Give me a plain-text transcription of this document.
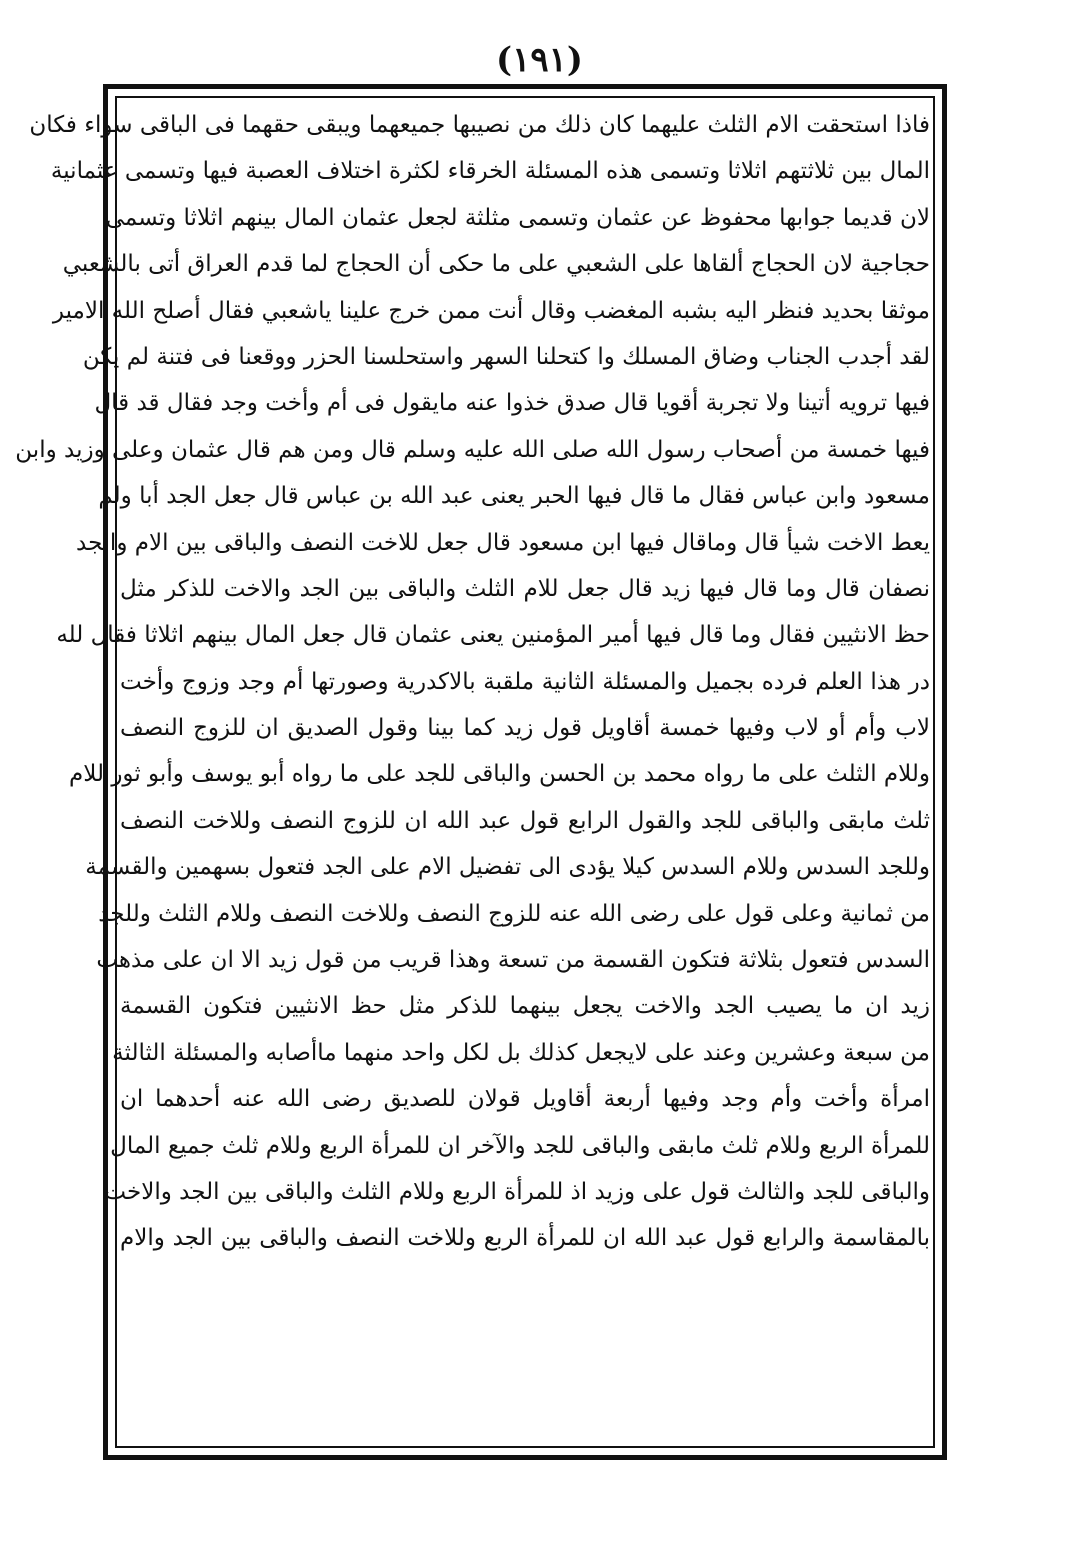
(١٩١)
فاذا استحقت الام الثلث عليهما كان ذلك من نصيبها جميعهما ويبقى حقهما فى الباقى سواء فكان
المال بين ثلاثتهم اثلاثا وتسمى هذه المسئلة الخرقاء لكثرة اختلاف العصبة فيها وتسمى عثمانية
لان قديما جوابها محفوظ عن عثمان وتسمى مثلثة لجعل عثمان المال بينهم اثلاثا وتسمى
حجاجية لان الحجاج ألقاها على الشعبي على ما حكى أن الحجاج لما قدم العراق أتى بالشعبي
موثقا بحديد فنظر اليه بشبه المغضب وقال أنت ممن خرج علينا ياشعبي فقال أصلح الله الامير
لقد أجدب الجناب وضاق المسلك وا كتحلنا السهر واستحلسنا الحزر ووقعنا فى فتنة لم يكن
فيها ترويه أتينا ولا تجربة أقويا قال صدق خذوا عنه مايقول فى أم وأخت وجد فقال قد قال
فيها خمسة من أصحاب رسول الله صلى الله عليه وسلم قال ومن هم قال عثمان وعلى وزيد وابن
مسعود وابن عباس فقال ما قال فيها الحبر يعنى عبد الله بن عباس قال جعل الجد أبا ولم
يعط الاخت شيأ قال وماقال فيها ابن مسعود قال جعل للاخت النصف والباقى بين الام والجد
نصفان قال وما قال فيها زيد قال جعل للام الثلث والباقى بين الجد والاخت للذكر مثل
حظ الانثيين فقال وما قال فيها أمير المؤمنين يعنى عثمان قال جعل المال بينهم اثلاثا فقال لله
در هذا العلم فرده بجميل والمسئلة الثانية ملقبة بالاكدرية وصورتها أم وجد وزوج وأخت
لاب وأم أو لاب وفيها خمسة أقاويل قول زيد كما بينا وقول الصديق ان للزوج النصف
وللام الثلث على ما رواه محمد بن الحسن والباقى للجد على ما رواه أبو يوسف وأبو ثور للام
ثلث مابقى والباقى للجد والقول الرابع قول عبد الله ان للزوج النصف وللاخت النصف
وللجد السدس وللام السدس كيلا يؤدى الى تفضيل الام على الجد فتعول بسهمين والقسمة
من ثمانية وعلى قول على رضى الله عنه للزوج النصف وللاخت النصف وللام الثلث وللجد
السدس فتعول بثلاثة فتكون القسمة من تسعة وهذا قريب من قول زيد الا ان على مذهب
زيد ان ما يصيب الجد والاخت يجعل بينهما للذكر مثل حظ الانثيين فتكون القسمة
من سبعة وعشرين وعند على لايجعل كذلك بل لكل واحد منهما ماأصابه والمسئلة الثالثة
امرأة وأخت وأم وجد وفيها أربعة أقاويل قولان للصديق رضى الله عنه أحدهما ان
للمرأة الربع وللام ثلث مابقى والباقى للجد والآخر ان للمرأة الربع وللام ثلث جميع المال
والباقى للجد والثالث قول على وزيد اذ للمرأة الربع وللام الثلث والباقى بين الجد والاخت
بالمقاسمة والرابع قول عبد الله ان للمرأة الربع وللاخت النصف والباقى بين الجد والام
